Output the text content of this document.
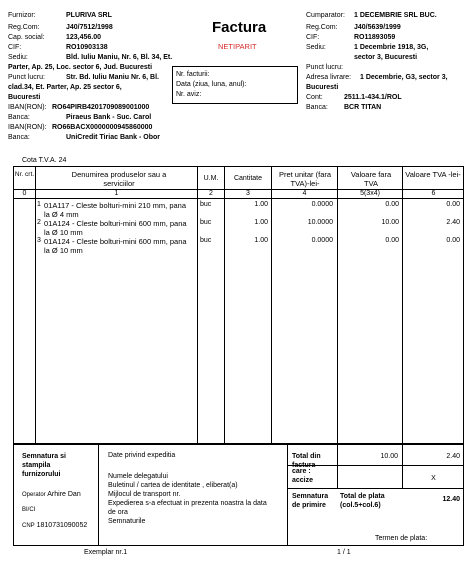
Furnizor:	PLURIVA SRL
Reg.Com:	J40/7512/1998
Cap. social:	123,456.00
CIF:	RO10903138
Sediu:	Bld. Iuliu Maniu, Nr. 6, Bl. 34, Et.
Parter, Ap. 25, Loc. sector 6, Jud. Bucuresti
Punct lucru:	Str. Bd. Iuliu Maniu Nr. 6, Bl.
clad.34, Et. Parter, Ap. 25 sector 6,
Bucuresti
IBAN(RON): RO64PIRB4201709089001000
Banca:	Piraeus Bank - Suc. Carol
IBAN(RON): RO66BACX0000000945860000
Banca:	UniCredit Tiriac Bank - Obor
Factura
NETIPARIT
Nr. facturii:
Data (ziua, luna, anul):
Nr. aviz:
Cumparator: 1 DECEMBRIE SRL BUC.
Reg.Com: J40/5639/1999
CIF:	RO11893059
Sediu:	1 Decembrie 1918, 3G,
sector 3, Bucuresti
Punct lucru:
Adresa livrare: 1 Decembrie, G3, sector 3,
Bucuresti
Cont:	2511.1-434.1/ROL
Banca: BCR TITAN
Cota T.V.A. 24
Nr. crt.	Denumirea produselor sau a serviciilor
U.M.	Cantitate	Pret unitar (fara TVA)-lei-
Valoare fara TVA
Valoare TVA -lei-
0	1	2	3	4	5(3x4)	6
1 01A117 - Cleste bolturi-mini 210 mm, pana la Ø 4 mm
buc	1.00	0.0000	0.00	0.00
2 01A124 - Cleste bolturi-mini 600 mm, pana la Ø 10 mm
buc	1.00	10.0000	10.00	2.40
3 01A124 - Cleste bolturi-mini 600 mm, pana la Ø 10 mm
buc	1.00	0.0000	0.00	0.00
Semnatura si stampila furnizorului
Operator Arhire Dan
BI/CI
CNP 1810731090052
Date privind expeditia
Numele delegatului
Buletinul / cartea de identitate , eliberat(a)
Mijlocul de transport nr.
Expedierea s-a efectuat in prezenta noastra la data
de ora
Semnaturile
Total din factura
10.00	2.40
care : accize	X
Semnatura de primire
Total de plata (col.5+col.6)
12.40
Termen de plata:
Exemplar nr.1	1 / 1
